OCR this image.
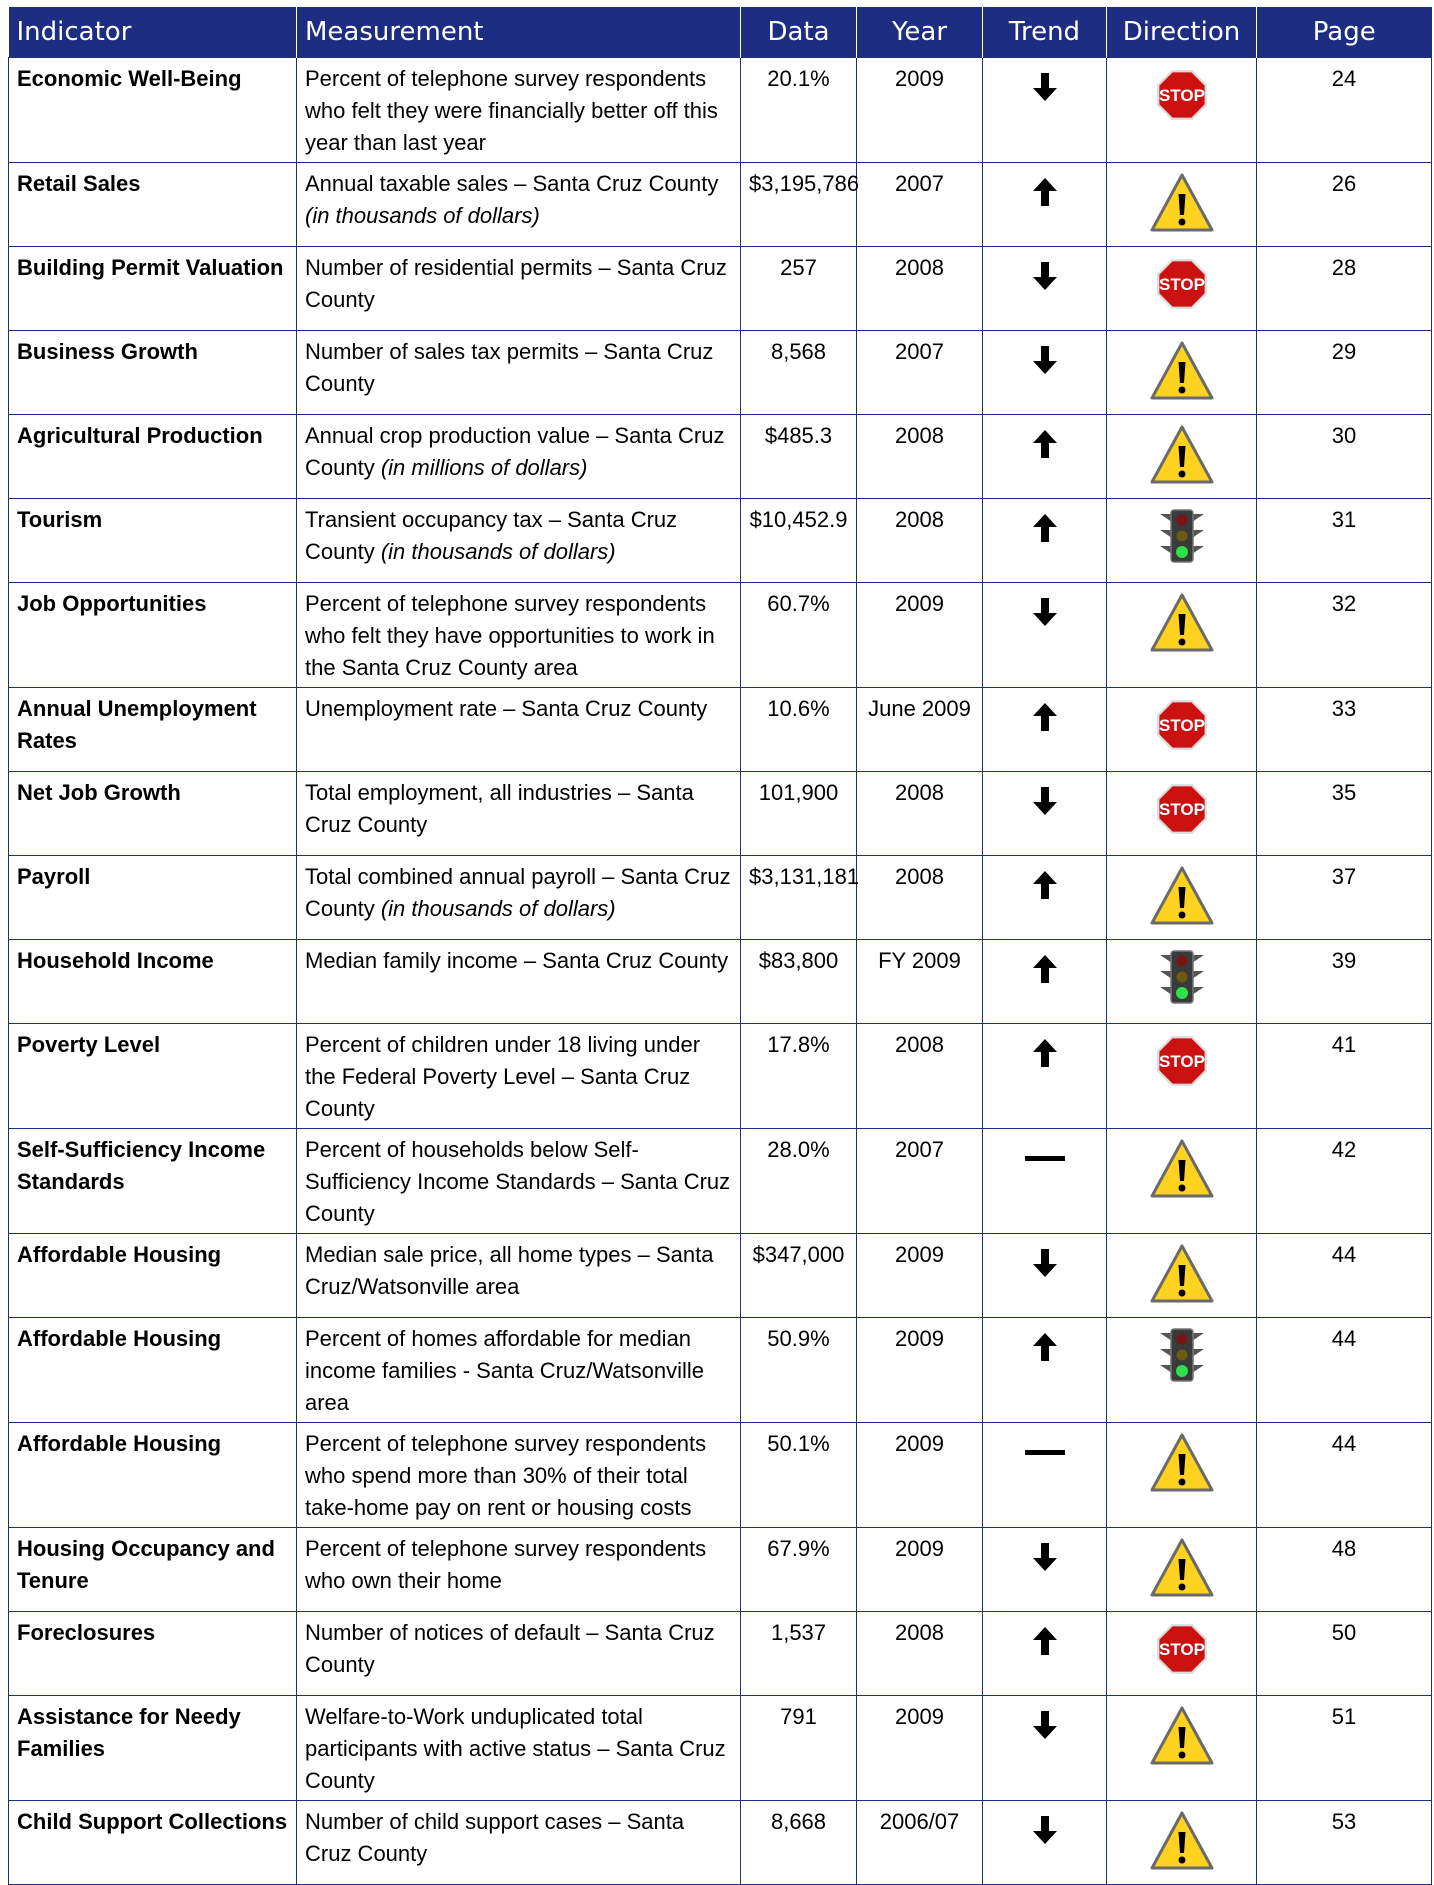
Indicator	Measurement	Data	Year	Trend	Direction	Page
Economic Well-Being	Percent of telephone survey respondents who felt they were financially better off this year than last year	20.1%	2009		STOP	24
Retail Sales	Annual taxable sales – Santa Cruz County (in thousands of dollars)	$3,195,786	2007			26
Building Permit Valuation	Number of residential permits – Santa Cruz County	257	2008		STOP	28
Business Growth	Number of sales tax permits – Santa Cruz County	8,568	2007			29
Agricultural Production	Annual crop production value – Santa Cruz County (in millions of dollars)	$485.3	2008			30
Tourism	Transient occupancy tax – Santa Cruz County (in thousands of dollars)	$10,452.9	2008			31
Job Opportunities	Percent of telephone survey respondents who felt they have opportunities to work in the Santa Cruz County area	60.7%	2009			32
Annual Unemployment Rates	Unemployment rate – Santa Cruz County	10.6%	June 2009		STOP	33
Net Job Growth	Total employment, all industries – Santa Cruz County	101,900	2008		STOP	35
Payroll	Total combined annual payroll – Santa Cruz County (in thousands of dollars)	$3,131,181	2008			37
Household Income	Median family income – Santa Cruz County	$83,800	FY 2009			39
Poverty Level	Percent of children under 18 living under the Federal Poverty Level – Santa Cruz County	17.8%	2008		STOP	41
Self-Sufficiency Income Standards	Percent of households below Self-Sufficiency Income Standards – Santa Cruz County	28.0%	2007			42
Affordable Housing	Median sale price, all home types – Santa Cruz/Watsonville area	$347,000	2009			44
Affordable Housing	Percent of homes affordable for median income families - Santa Cruz/Watsonville area	50.9%	2009			44
Affordable Housing	Percent of telephone survey respondents who spend more than 30% of their total take-home pay on rent or housing costs	50.1%	2009			44
Housing Occupancy and Tenure	Percent of telephone survey respondents who own their home	67.9%	2009			48
Foreclosures	Number of notices of default – Santa Cruz County	1,537	2008		STOP	50
Assistance for Needy Families	Welfare-to-Work unduplicated total participants with active status – Santa Cruz County	791	2009			51
Child Support Collections	Number of child support cases – Santa Cruz County	8,668	2006/07			53
